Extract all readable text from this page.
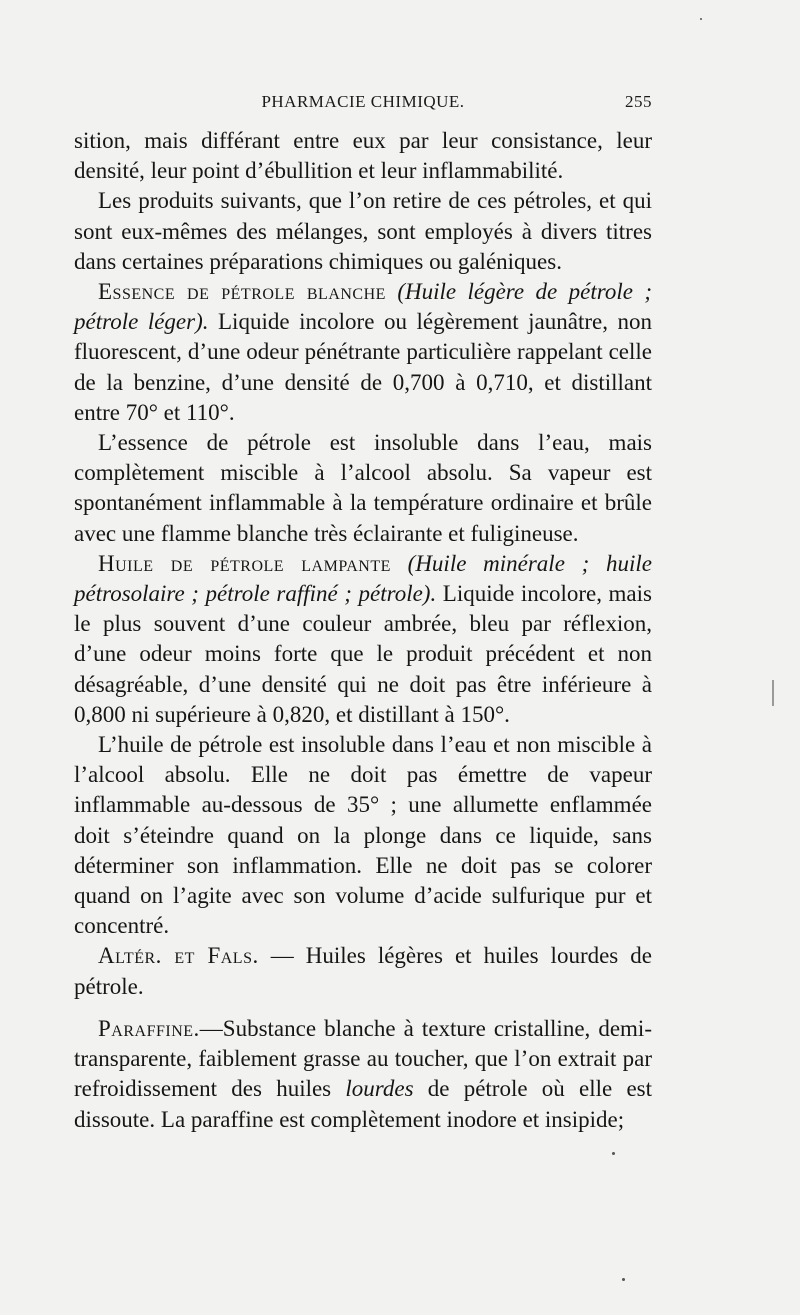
PHARMACIE CHIMIQUE.	255

sition, mais différant entre eux par leur consistance, leur densité, leur point d’ébullition et leur inflammabilité.

Les produits suivants, que l’on retire de ces pétroles, et qui sont eux-mêmes des mélanges, sont employés à divers titres dans certaines préparations chimiques ou galéniques.

Essence de pétrole blanche (Huile légère de pétrole ; pétrole léger). Liquide incolore ou légèrement jaunâtre, non fluorescent, d’une odeur pénétrante particulière rappelant celle de la benzine, d’une densité de 0,700 à 0,710, et distillant entre 70° et 110°.

L’essence de pétrole est insoluble dans l’eau, mais complètement miscible à l’alcool absolu. Sa vapeur est spontanément inflammable à la température ordinaire et brûle avec une flamme blanche très éclairante et fuligineuse.

Huile de pétrole lampante (Huile minérale ; huile pétrosolaire ; pétrole raffiné ; pétrole). Liquide incolore, mais le plus souvent d’une couleur ambrée, bleu par réflexion, d’une odeur moins forte que le produit précédent et non désagréable, d’une densité qui ne doit pas être inférieure à 0,800 ni supérieure à 0,820, et distillant à 150°.

L’huile de pétrole est insoluble dans l’eau et non miscible à l’alcool absolu. Elle ne doit pas émettre de vapeur inflammable au-dessous de 35° ; une allumette enflammée doit s’éteindre quand on la plonge dans ce liquide, sans déterminer son inflammation. Elle ne doit pas se colorer quand on l’agite avec son volume d’acide sulfurique pur et concentré.

Altér. et Fals. — Huiles légères et huiles lourdes de pétrole.

Paraffine.—Substance blanche à texture cristalline, demi-transparente, faiblement grasse au toucher, que l’on extrait par refroidissement des huiles lourdes de pétrole où elle est dissoute. La paraffine est complètement inodore et insipide;
